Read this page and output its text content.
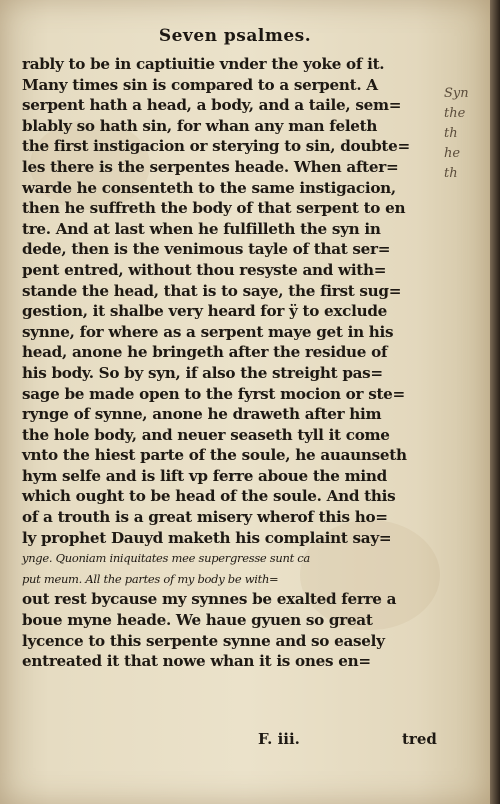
Seven psalmes.
rably to be in captiuitie vnder the yoke of it.
Many times sin is compared to a serpent. A
serpent hath a head, a body, and a taile, sem=
blably so hath sin, for whan any man feleth
the first instigacion or sterying to sin, doubte=
les there is the serpentes heade. When after=
warde he consenteth to the same instigacion,
then he suffreth the body of that serpent to en
tre. And at last when he fulfilleth the syn in
dede, then is the venimous tayle of that ser=
pent entred, without thou resyste and with=
stande the head, that is to saye, the first sug=
gestion, it shalbe very heard for ÿ to exclude
synne, for where as a serpent maye get in his
head, anone he bringeth after the residue of
his body. So by syn, if also the streight pas=
sage be made open to the fyrst mocion or ste=
rynge of synne, anone he draweth after him
the hole body, and neuer seaseth tyll it come
vnto the hiest parte of the soule, he auaunseth
hym selfe and is lift vp ferre aboue the mind
which ought to be head of the soule. And this
of a trouth is a great misery wherof this ho=
ly prophet Dauyd maketh his complaint say=
ynge. Quoniam iniquitates mee supergresse sunt ca
put meum. All the partes of my body be with=
out rest bycause my synnes be exalted ferre a
boue myne heade. We haue gyuen so great
lycence to this serpente synne and so easely
entreated it that nowe whan it is ones en=
Syn
the
th
he
th
F. iii.	tred
